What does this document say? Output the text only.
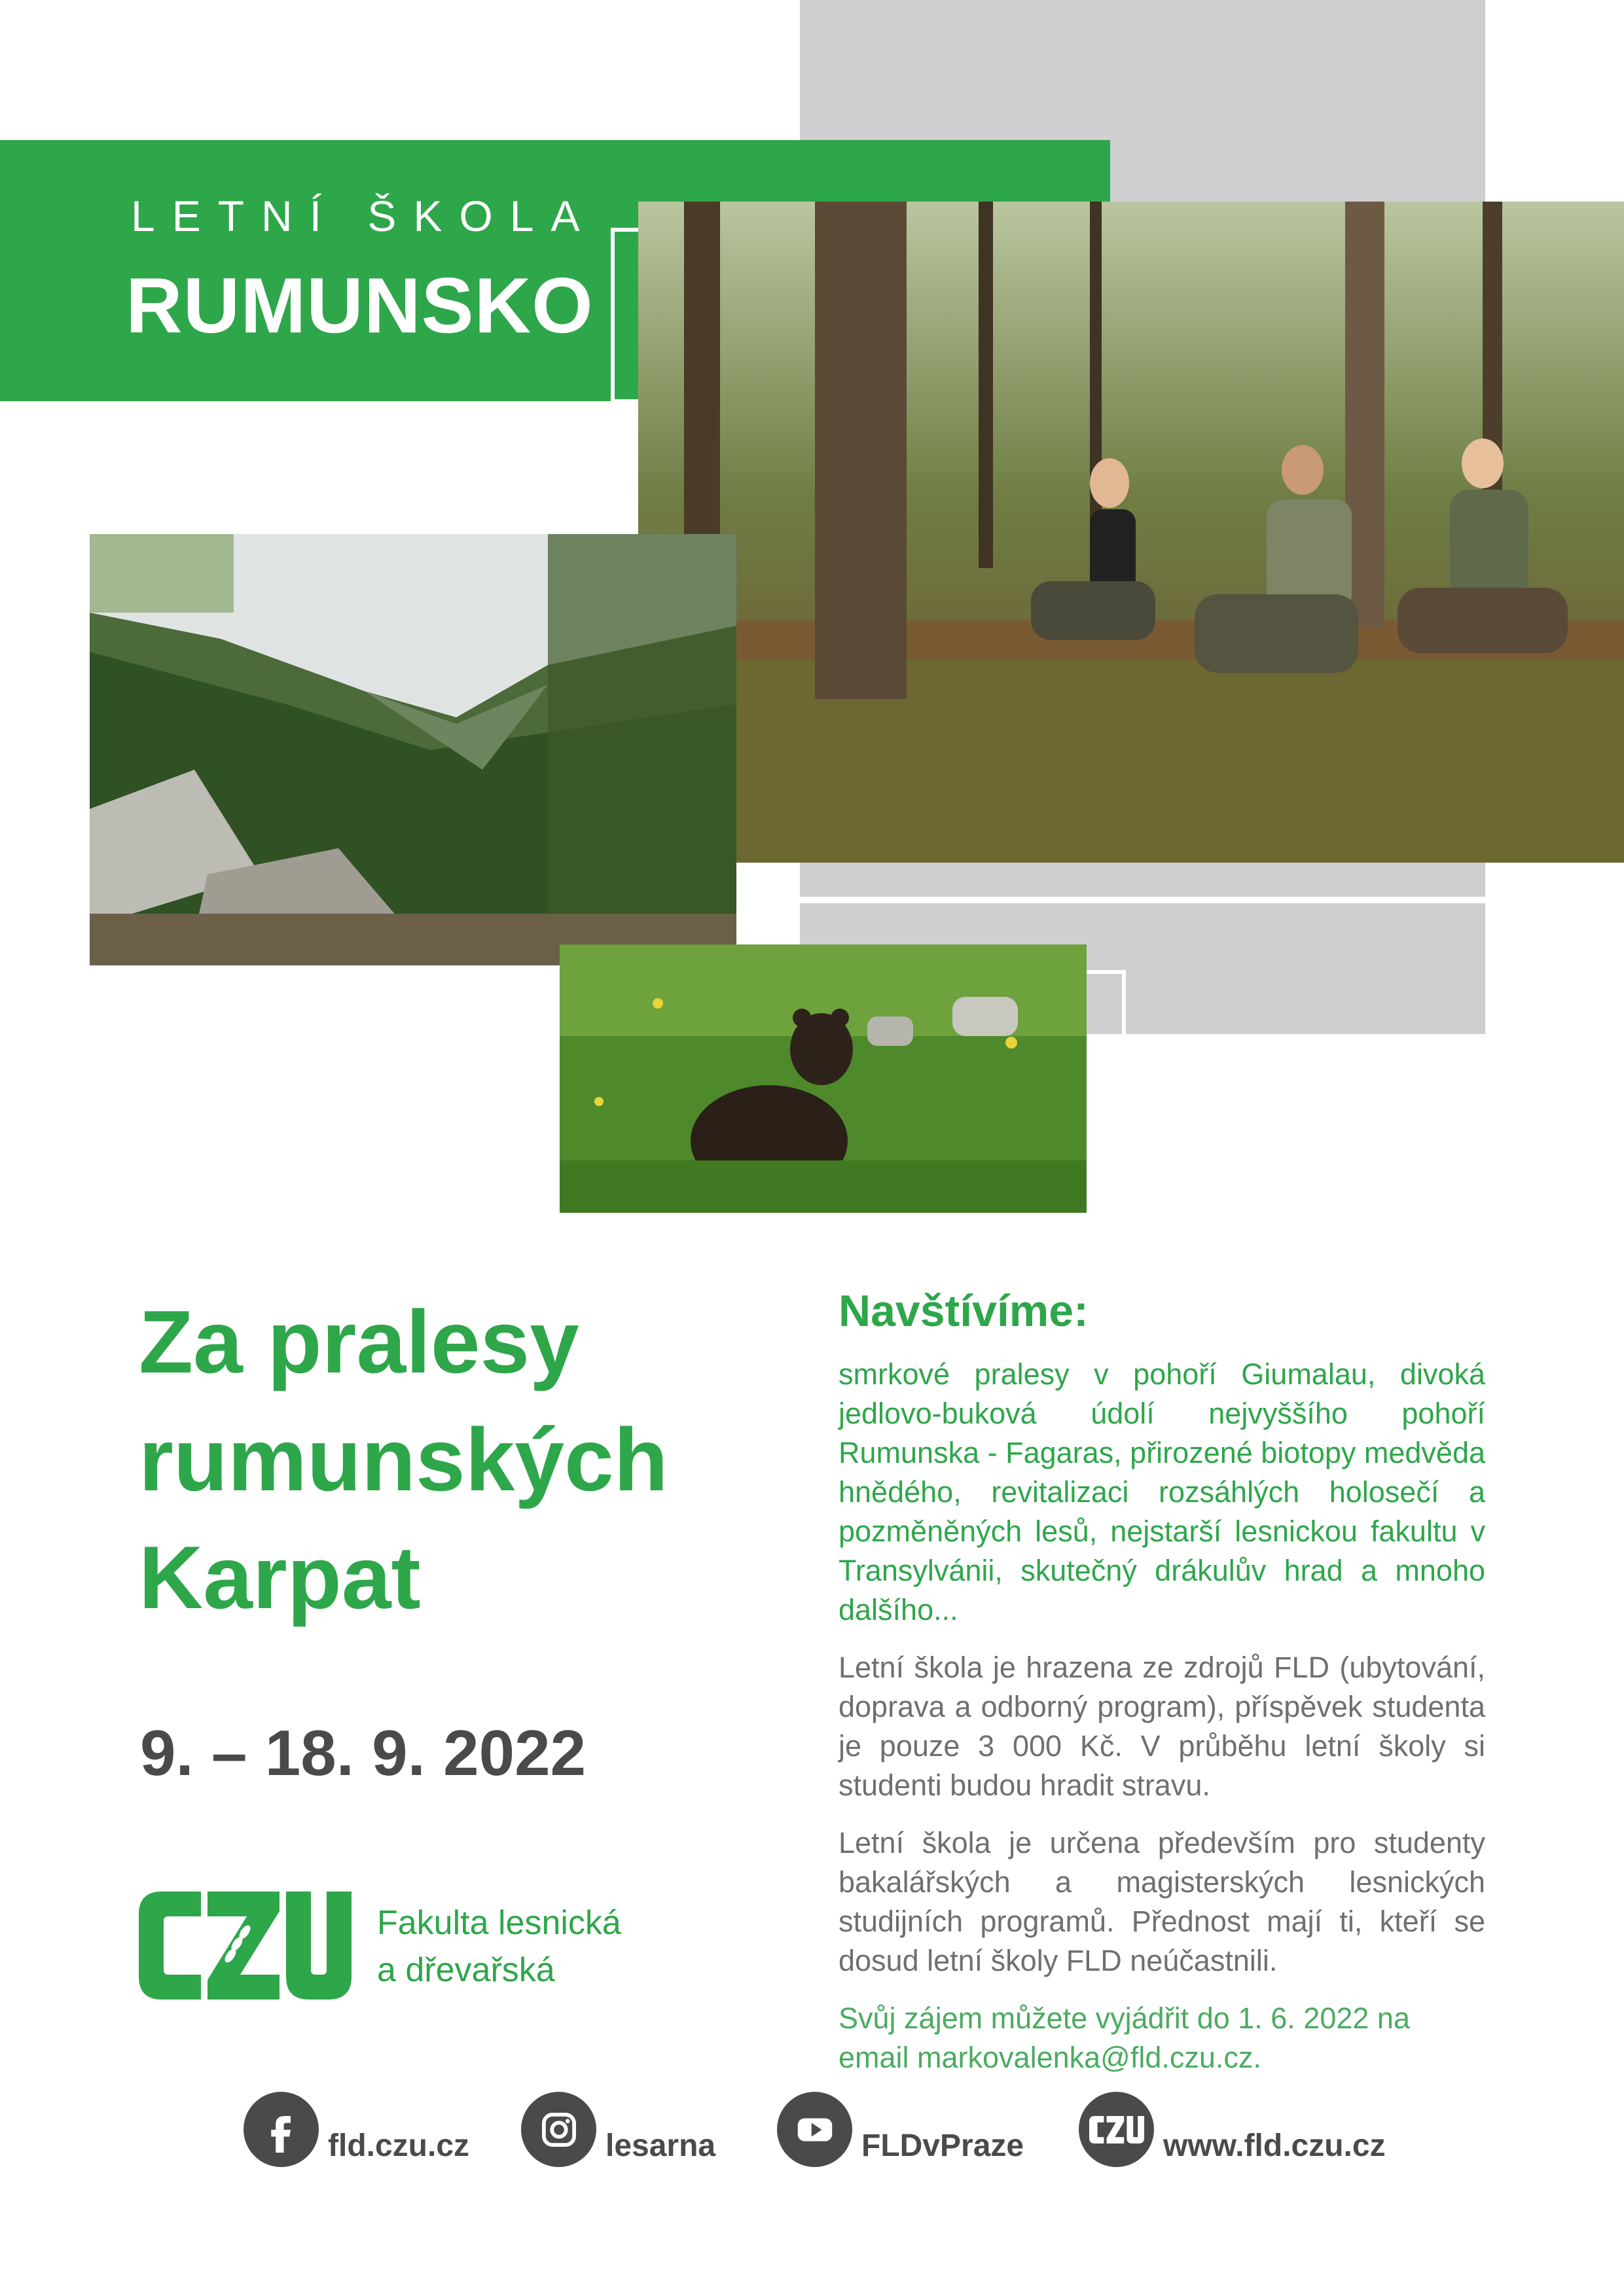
LETNÍ ŠKOLA
RUMUNSKO
Za pralesy
rumunských
Karpat
9. – 18. 9. 2022
Fakulta lesnická
a dřevařská
Navštívíme:

smrkové pralesy v pohoří Giumalau, divoká jedlovo-buková údolí nejvyššího pohoří Rumunska - Fagaras, přirozené biotopy medvěda hnědého, revitalizaci rozsáhlých holosečí a pozměněných lesů, nejstarší lesnickou fakultu v Transylvánii, skutečný drákulův hrad a mnoho dalšího...

Letní škola je hrazena ze zdrojů FLD (ubytování, doprava a odborný program), příspěvek studenta je pouze 3 000 Kč. V průběhu letní školy si studenti budou hradit stravu.

Letní škola je určena především pro studenty bakalářských a magisterských lesnických studijních programů. Přednost mají ti, kteří se dosud letní školy FLD neúčastnili.

Svůj zájem můžete vyjádřit do 1. 6. 2022 na email markovalenka@fld.czu.cz.

fld.czu.cz	lesarna	FLDvPraze	www.fld.czu.cz
